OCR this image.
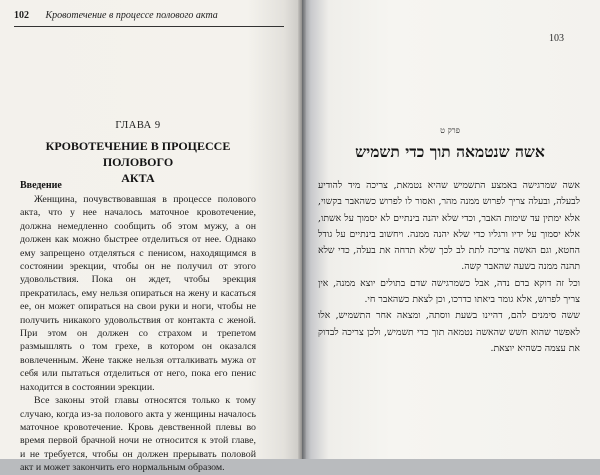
102 Кровотечение в процессе полового акта
ГЛАВА 9
КРОВОТЕЧЕНИЕ В ПРОЦЕССЕ ПОЛОВОГО
АКТА
Введение

Женщина, почувствовавшая в процессе полового акта, что у нее началось маточное кровотечение, должна немедленно сообщить об этом мужу, а он должен как можно быстрее отделиться от нее. Однако ему запрещено отделяться с пенисом, находящимся в состоянии эрекции, чтобы он не получил от этого удовольствия. Пока он ждет, чтобы эрекция прекратилась, ему нельзя опираться на жену и касаться ее, он может опираться на свои руки и ноги, чтобы не получить никакого удовольствия от контакта с женой. При этом он должен со страхом и трепетом размышлять о том грехе, в котором он оказался вовлеченным. Жене также нельзя отталкивать мужа от себя или пытаться отделиться от него, пока его пенис находится в состоянии эрекции.

Все законы этой главы относятся только к тому случаю, когда из-за полового акта у женщины началось маточное кровотечение. Кровь девственной плевы во время первой брачной ночи не относится к этой главе, и не требуется, чтобы он должен прерывать половой акт и может закончить его нормальным образом.

103
פרק ט
אשה שנטמאה תוך כדי תשמיש

אשה שמרגישה באמצע התשמיש שהיא נטמאת, צריכה מיד להודיע לבעלה, ובעלה צריך לפרוש ממנה מהר, ואסור לו לפרוש כשהאבר בקשוי, אלא ימתין עד שימות האבר, וכדי שלא יהנה בינתיים לא יסמוך על אשתו, אלא יסמוך על ידיו ורגליו כדי שלא יהנה ממנה. ויחשוב בינתיים על גודל החטא, וגם האשה צריכה לתת לב לכך שלא תדחה את בעלה, כדי שלא תהנה ממנה בשעה שהאבר קשה.

וכל זה דוקא בדם נדה, אבל כשמרגישה שדם בתולים יוצא ממנה, אין צריך לפרוש, אלא גומר ביאתו כדרכו, וכן לצאת כשהאבר חי.

ששה סימנים להם, דהיינו בשעת ווסתה, ומצאה אחר התשמיש, אלו לאפשר שהוא חשש שהאשה נטמאה תוך כדי תשמיש, ולכן צריכה לבדוק את עצמה כשהיא יוצאת.
